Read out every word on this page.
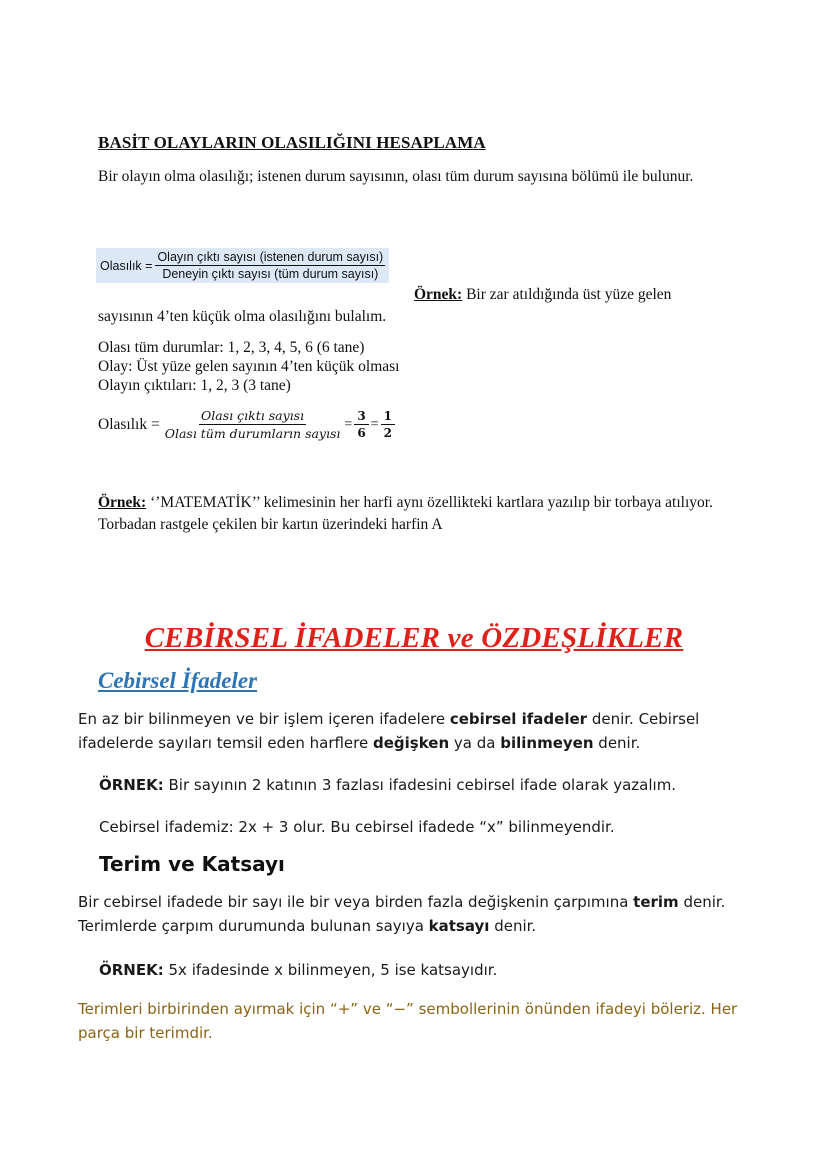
BASİT OLAYLARIN OLASILIĞINI HESAPLAMA
Bir olayın olma olasılığı; istenen durum sayısının, olası tüm durum sayısına bölümü ile bulunur.
Olasılık = $\frac{\text{Olayın çıktı sayısı (istenen durum sayısı)}}{\text{Deneyin çıktı sayısı (tüm durum sayısı)}}$
Örnek: Bir zar atıldığında üst yüze gelen sayısının 4’ten küçük olma olasılığını bulalım.
Olası tüm durumlar: 1, 2, 3, 4, 5, 6 (6 tane)
Olay: Üst yüze gelen sayının 4’ten küçük olması
Olayın çıktıları: 1, 2, 3 (3 tane)
Olasılık = $\frac{\text{Olası çıktı sayısı}}{\text{Olası tüm durumların sayısı}} = \frac{3}{6} = \frac{1}{2}$
Örnek: ‘’MATEMATİK’’ kelimesinin her harfi aynı özellikteki kartlara yazılıp bir torbaya atılıyor. Torbadan rastgele çekilen bir kartın üzerindeki harfin A
CEBİRSEL İFADELER ve ÖZDEŞLİKLER
Cebirsel İfadeler
En az bir bilinmeyen ve bir işlem içeren ifadelere cebirsel ifadeler denir. Cebirsel ifadelerde sayıları temsil eden harflere değişken ya da bilinmeyen denir.
ÖRNEK: Bir sayının 2 katının 3 fazlası ifadesini cebirsel ifade olarak yazalım.
Cebirsel ifademiz: 2x + 3 olur. Bu cebirsel ifadede “x” bilinmeyendir.
Terim ve Katsayı
Bir cebirsel ifadede bir sayı ile bir veya birden fazla değişkenin çarpımına terim denir. Terimlerde çarpım durumunda bulunan sayıya katsayı denir.
ÖRNEK: 5x ifadesinde x bilinmeyen, 5 ise katsayıdır.
Terimleri birbirinden ayırmak için “+” ve “−” sembollerinin önünden ifadeyi böleriz. Her parça bir terimdir.
